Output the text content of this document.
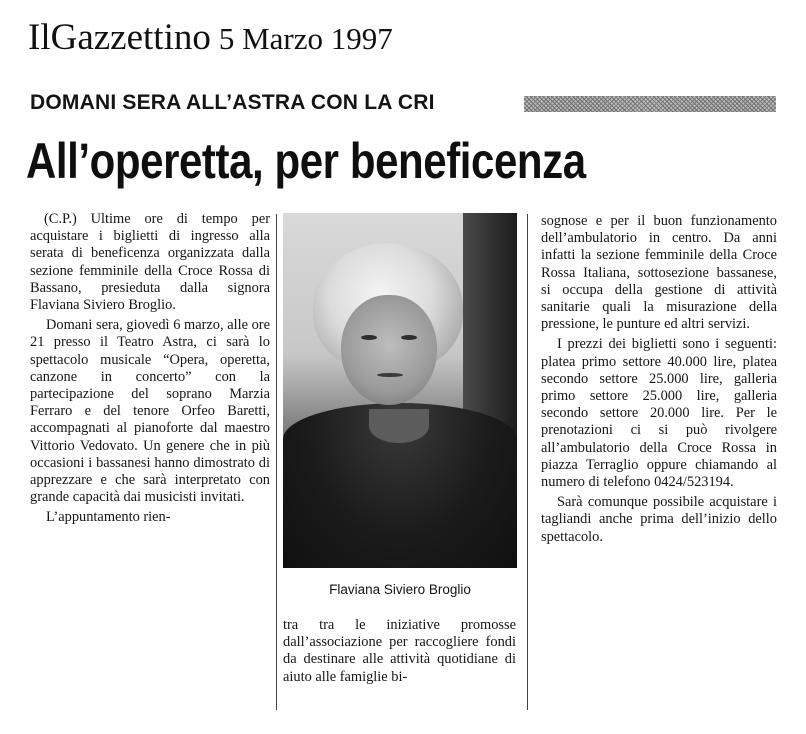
IlGazzettino 5 Marzo 1997
DOMANI SERA ALL’ASTRA CON LA CRI
All’operetta, per beneficenza

(C.P.) Ultime ore di tempo per acquistare i biglietti di ingresso alla serata di beneficenza organizzata dalla sezione femminile della Croce Rossa di Bassano, presieduta dalla signora Flaviana Siviero Broglio.

Domani sera, giovedì 6 marzo, alle ore 21 presso il Teatro Astra, ci sarà lo spettacolo musicale “Opera, operetta, canzone in concerto” con la partecipazione del soprano Marzia Ferraro e del tenore Orfeo Baretti, accompagnati al pianoforte dal maestro Vittorio Vedovato. Un genere che in più occasioni i bassanesi hanno dimostrato di apprezzare e che sarà interpretato con grande capacità dai musicisti invitati.

L’appuntamento rien-

Flaviana Siviero Broglio

tra tra le iniziative promosse dall’associazione per raccogliere fondi da destinare alle attività quotidiane di aiuto alle famiglie bi-

sognose e per il buon funzionamento dell’ambulatorio in centro. Da anni infatti la sezione femminile della Croce Rossa Italiana, sottosezione bassanese, si occupa della gestione di attività sanitarie quali la misurazione della pressione, le punture ed altri servizi.

I prezzi dei biglietti sono i seguenti: platea primo settore 40.000 lire, platea secondo settore 25.000 lire, galleria primo settore 25.000 lire, galleria secondo settore 20.000 lire. Per le prenotazioni ci si può rivolgere all’ambulatorio della Croce Rossa in piazza Terraglio oppure chiamando al numero di telefono 0424/523194.

Sarà comunque possibile acquistare i tagliandi anche prima dell’inizio dello spettacolo.
